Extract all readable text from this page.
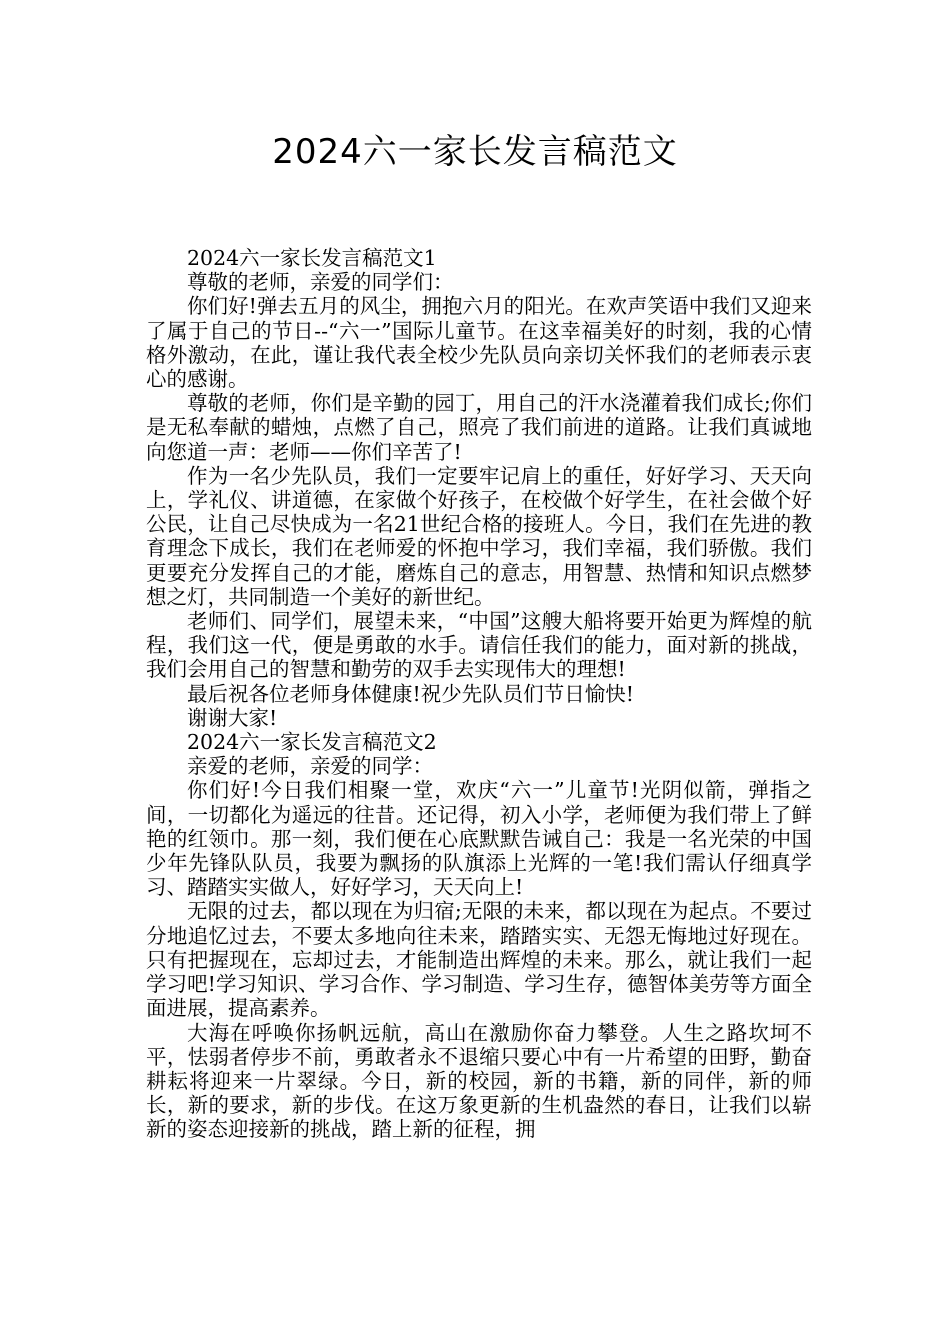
2024六一家长发言稿范文

2024六一家长发言稿范文1

尊敬的老师，亲爱的同学们：

你们好!弹去五月的风尘，拥抱六月的阳光。在欢声笑语中我们又迎来了属于自己的节日--“六一”国际儿童节。在这幸福美好的时刻，我的心情格外激动，在此，谨让我代表全校少先队员向亲切关怀我们的老师表示衷心的感谢。

尊敬的老师，你们是辛勤的园丁，用自己的汗水浇灌着我们成长;你们是无私奉献的蜡烛，点燃了自己，照亮了我们前进的道路。让我们真诚地向您道一声：老师——你们辛苦了!

作为一名少先队员，我们一定要牢记肩上的重任，好好学习、天天向上，学礼仪、讲道德，在家做个好孩子，在校做个好学生，在社会做个好公民，让自己尽快成为一名21世纪合格的接班人。今日，我们在先进的教育理念下成长，我们在老师爱的怀抱中学习，我们幸福，我们骄傲。我们更要充分发挥自己的才能，磨炼自己的意志，用智慧、热情和知识点燃梦想之灯，共同制造一个美好的新世纪。

老师们、同学们，展望未来，“中国”这艘大船将要开始更为辉煌的航程，我们这一代，便是勇敢的水手。请信任我们的能力，面对新的挑战，我们会用自己的智慧和勤劳的双手去实现伟大的理想!

最后祝各位老师身体健康!祝少先队员们节日愉快!

谢谢大家!

2024六一家长发言稿范文2

亲爱的老师，亲爱的同学：

你们好!今日我们相聚一堂，欢庆“六一”儿童节!光阴似箭，弹指之间，一切都化为遥远的往昔。还记得，初入小学，老师便为我们带上了鲜艳的红领巾。那一刻，我们便在心底默默告诫自己：我是一名光荣的中国少年先锋队队员，我要为飘扬的队旗添上光辉的一笔!我们需认仔细真学习、踏踏实实做人，好好学习，天天向上!

无限的过去，都以现在为归宿;无限的未来，都以现在为起点。不要过分地追忆过去，不要太多地向往未来，踏踏实实、无怨无悔地过好现在。只有把握现在，忘却过去，才能制造出辉煌的未来。那么，就让我们一起学习吧!学习知识、学习合作、学习制造、学习生存，德智体美劳等方面全面进展，提高素养。

大海在呼唤你扬帆远航，高山在激励你奋力攀登。人生之路坎坷不平，怯弱者停步不前，勇敢者永不退缩只要心中有一片希望的田野，勤奋耕耘将迎来一片翠绿。今日，新的校园，新的书籍，新的同伴，新的师长，新的要求，新的步伐。在这万象更新的生机盎然的春日，让我们以崭新的姿态迎接新的挑战，踏上新的征程，拥
